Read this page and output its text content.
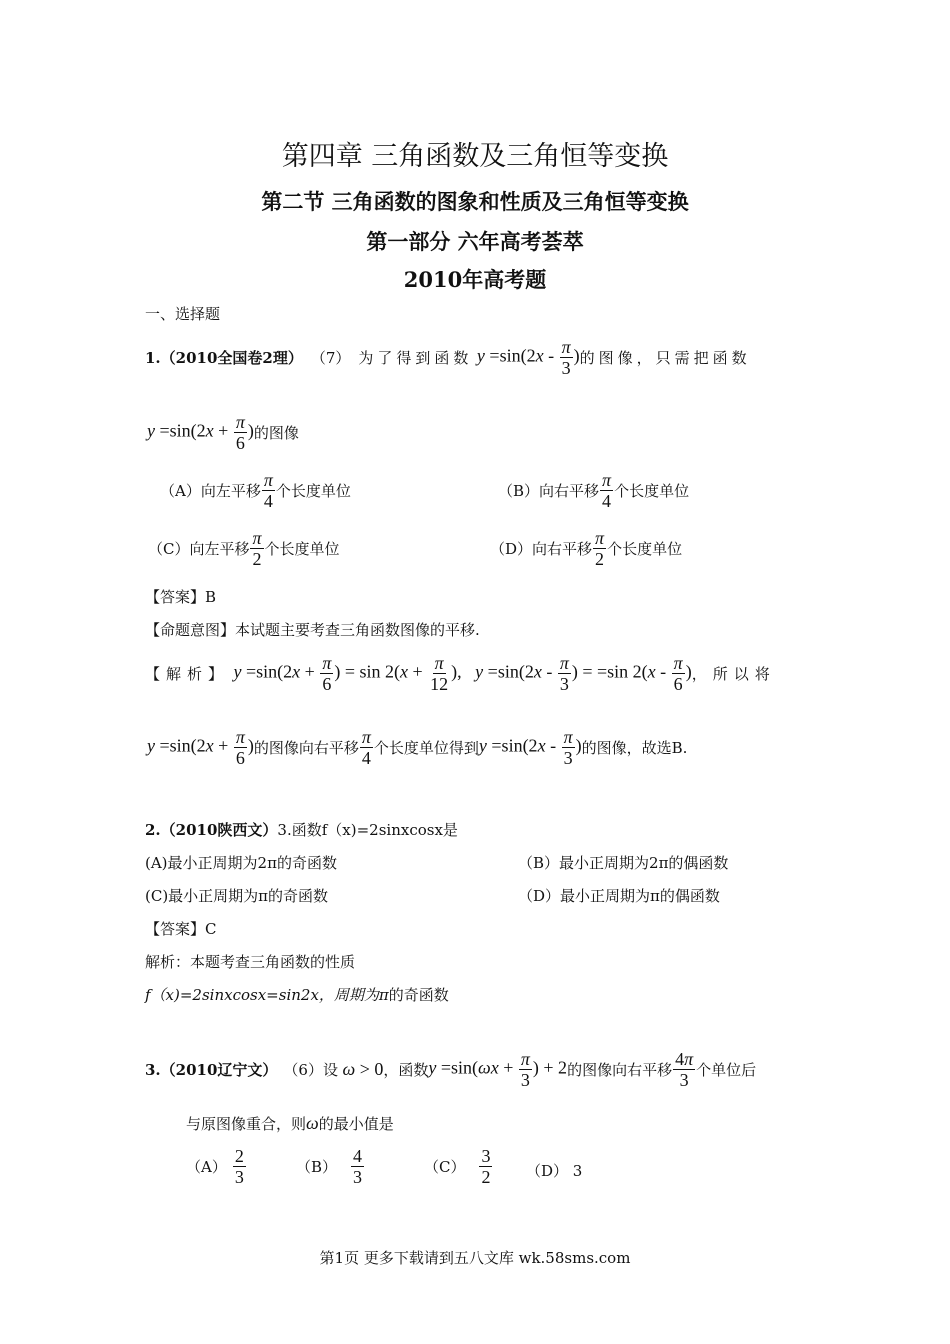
第四章 三角函数及三角恒等变换
第二节 三角函数的图象和性质及三角恒等变换
第一部分 六年高考荟萃
2010年高考题
一、选择题
1.（2010全国卷2理） （7） 为了得到函数 $y =\sin(2x - \frac{\pi}{3}$ ) 的图像，只需把函数
$y =\sin(2x + \frac{\pi}{6}$ ) 的图像
（A）向左平移 $\frac{\pi}{4}$ 个长度单位	（B）向右平移 $\frac{\pi}{4}$ 个长度单位
（C）向左平移 $\frac{\pi}{2}$ 个长度单位	（D）向右平移 $\frac{\pi}{2}$ 个长度单位
【答案】B
【命题意图】本试题主要考查三角函数图像的平移.
【解析】 $y =\sin(2x + \frac{\pi}{6}$ ) = $\sin 2(x + \frac{\pi}{12}$ ) ,   $y =\sin(2x - \frac{\pi}{3}$ ) = =sin $2(x - \frac{\pi}{6}$ ) ，所以将
$y =\sin(2x + \frac{\pi}{6}$ ) 的图像向右平移 $\frac{\pi}{4}$ 个长度单位得到 $y =\sin(2x - \frac{\pi}{3}$ ) 的图像，故选B.
2.（2010陕西文） 3.函数 f（x)=2sinxcosx 是
(A)最小正周期为2π的奇函数	（B）最小正周期为2π的偶函数
(C)最小正周期为π的奇函数	（D）最小正周期为π的偶函数
【答案】C
解析：本题考查三角函数的性质
f（x)=2sinxcosx=sin2x，周期为π 的奇函数
3.（2010辽宁文） （6）设 ω > 0 ，函数 $y =\sin(\omega x + \frac{\pi}{3}$ ) + 2 的图像向右平移 $\frac{4\pi}{3}$ 个单位后
与原图像重合，则 ω 的最小值是
$(A) \frac{2}{3}$	$(B) \frac{4}{3}$	$(C) \frac{3}{2} (D)$ 3
第1页 更多下载请到五八文库 wk.58sms.com
